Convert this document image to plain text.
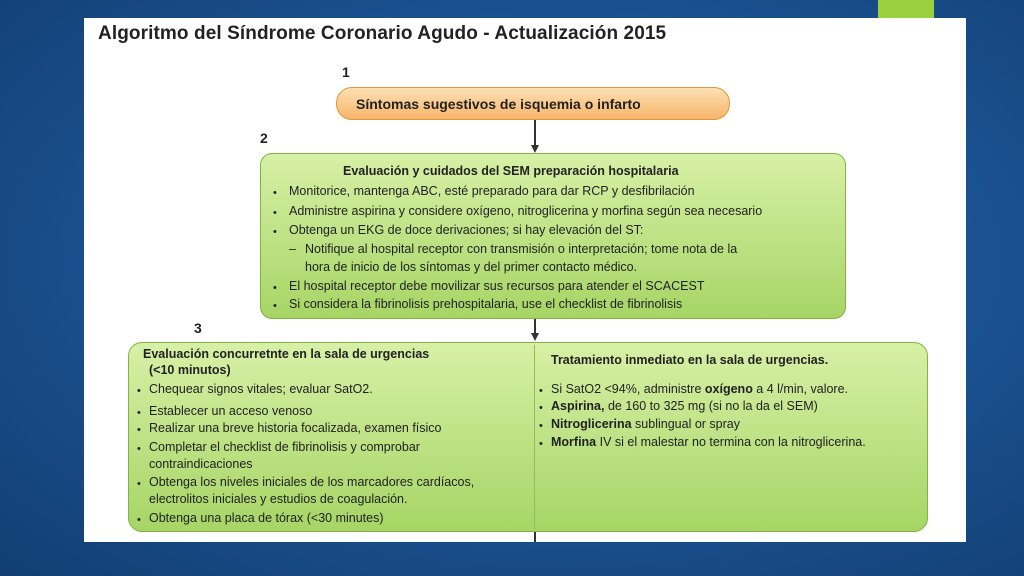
Algoritmo del Síndrome Coronario Agudo - Actualización 2015
1
2
3
Síntomas sugestivos de isquemia o infarto
Evaluación y cuidados del SEM preparación hospitalaria
• Monitorice, mantenga ABC, esté preparado para dar RCP y desfibrilación
• Administre aspirina y considere oxígeno, nitroglicerina y morfina según sea necesario
• Obtenga un EKG de doce derivaciones; si hay elevación del ST:
– Notifique al hospital receptor con transmisión o interpretación; tome nota de la
hora de inicio de los síntomas y del primer contacto médico.
• El hospital receptor debe movilizar sus recursos para atender el SCACEST
• Si considera la fibrinolisis prehospitalaria, use el checklist de fibrinolisis
Evaluación concurretnte en la sala de urgencias
(<10 minutos)
• Chequear signos vitales; evaluar SatO2.
• Establecer un acceso venoso
• Realizar una breve historia focalizada, examen físico
• Completar el checklist de fibrinolisis y comprobar
contraindicaciones
• Obtenga los niveles iniciales de los marcadores cardíacos,
electrolitos iniciales y estudios de coagulación.
• Obtenga una placa de tórax (<30 minutes)
Tratamiento inmediato en la sala de urgencias.
• Si SatO2 <94%, administre oxígeno a 4 l/min, valore.
• Aspirina, de 160 to 325 mg (si no la da el SEM)
• Nitroglicerina sublingual or spray
• Morfina IV si el malestar no termina con la nitroglicerina.
